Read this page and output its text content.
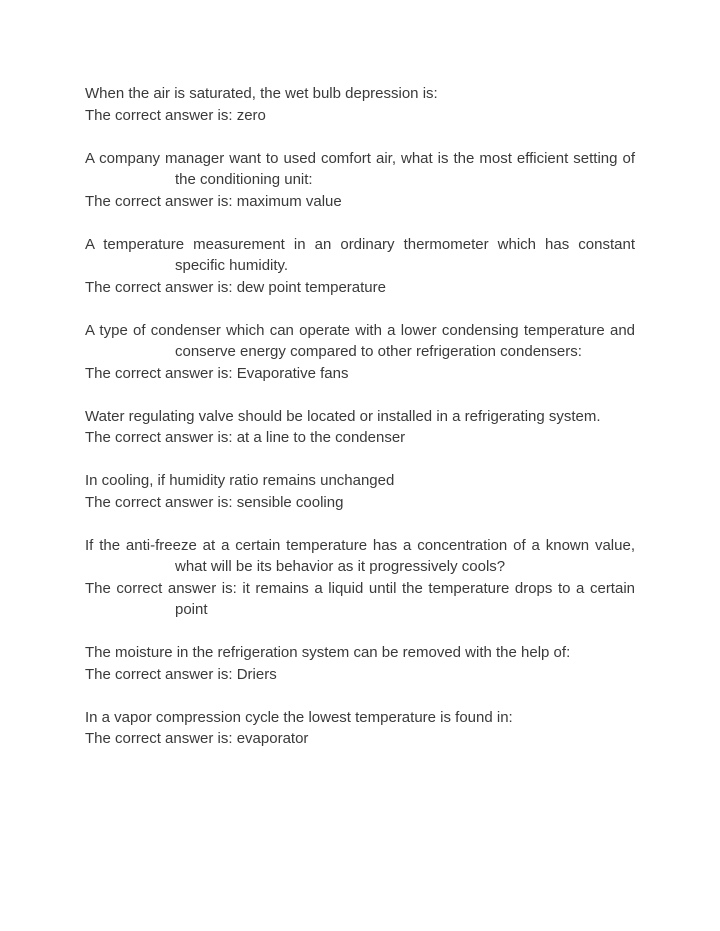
When the air is saturated, the wet bulb depression is:

The correct answer is: zero

A company manager want to used comfort air, what is the most efficient setting of the conditioning unit:

The correct answer is: maximum value

A temperature measurement in an ordinary thermometer which has constant specific humidity.

The correct answer is: dew point temperature

A type of condenser which can operate with a lower condensing temperature and conserve energy compared to other refrigeration condensers:

The correct answer is: Evaporative fans

Water regulating valve should be located or installed in a refrigerating system.

The correct answer is: at a line to the condenser

In cooling, if humidity ratio remains unchanged

The correct answer is: sensible cooling

If the anti-freeze at a certain temperature has a concentration of a known value, what will be its behavior as it progressively cools?

The correct answer is: it remains a liquid until the temperature drops to a certain point

The moisture in the refrigeration system can be removed with the help of:

The correct answer is: Driers

In a vapor compression cycle the lowest temperature is found in:

The correct answer is: evaporator
